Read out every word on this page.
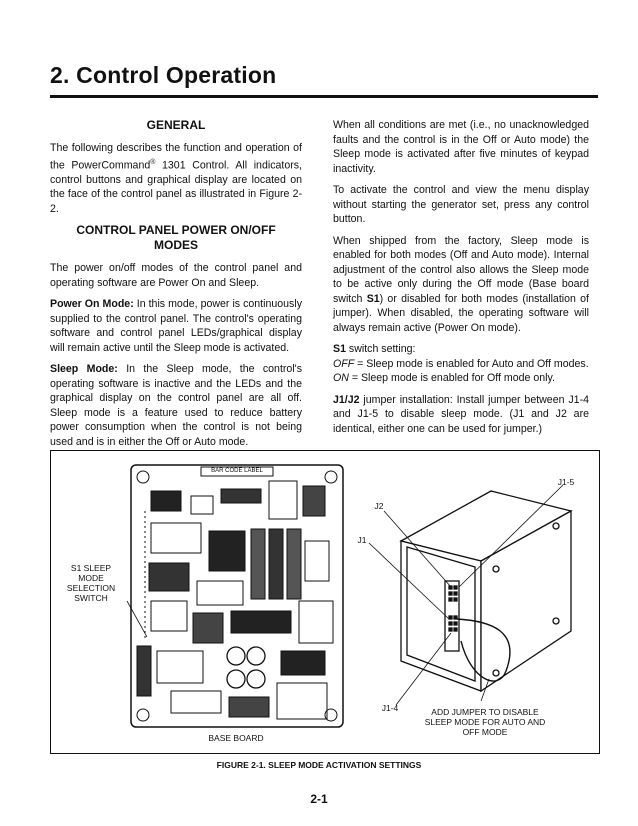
2. Control Operation
GENERAL

The following describes the function and operation of the PowerCommand® 1301 Control. All indicators, control buttons and graphical display are located on the face of the control panel as illustrated in Figure 2-2.

CONTROL PANEL POWER ON/OFF MODES

The power on/off modes of the control panel and operating software are Power On and Sleep.

Power On Mode: In this mode, power is continuously supplied to the control panel. The control's operating software and control panel LEDs/graphical display will remain active until the Sleep mode is activated.

Sleep Mode: In the Sleep mode, the control's operating software is inactive and the LEDs and the graphical display on the control panel are all off. Sleep mode is a feature used to reduce battery power consumption when the control is not being used and is in either the Off or Auto mode.

When all conditions are met (i.e., no unacknowledged faults and the control is in the Off or Auto mode) the Sleep mode is activated after five minutes of keypad inactivity.

To activate the control and view the menu display without starting the generator set, press any control button.

When shipped from the factory, Sleep mode is enabled for both modes (Off and Auto mode). Internal adjustment of the control also allows the Sleep mode to be active only during the Off mode (Base board switch S1) or disabled for both modes (installation of jumper). When disabled, the operating software will always remain active (Power On mode).

S1 switch setting:

OFF = Sleep mode is enabled for Auto and Off modes.

ON = Sleep mode is enabled for Off mode only.

J1/J2 jumper installation: Install jumper between J1-4 and J1-5 to disable sleep mode. (J1 and J2 are identical, either one can be used for jumper.)

BAR CODE LABEL
S1 SLEEP MODE SELECTION SWITCH
BASE BOARD
J1-5
J2
J1
J1-4	ADD JUMPER TO DISABLE SLEEP MODE FOR AUTO AND OFF MODE
FIGURE 2-1. SLEEP MODE ACTIVATION SETTINGS
2-1
